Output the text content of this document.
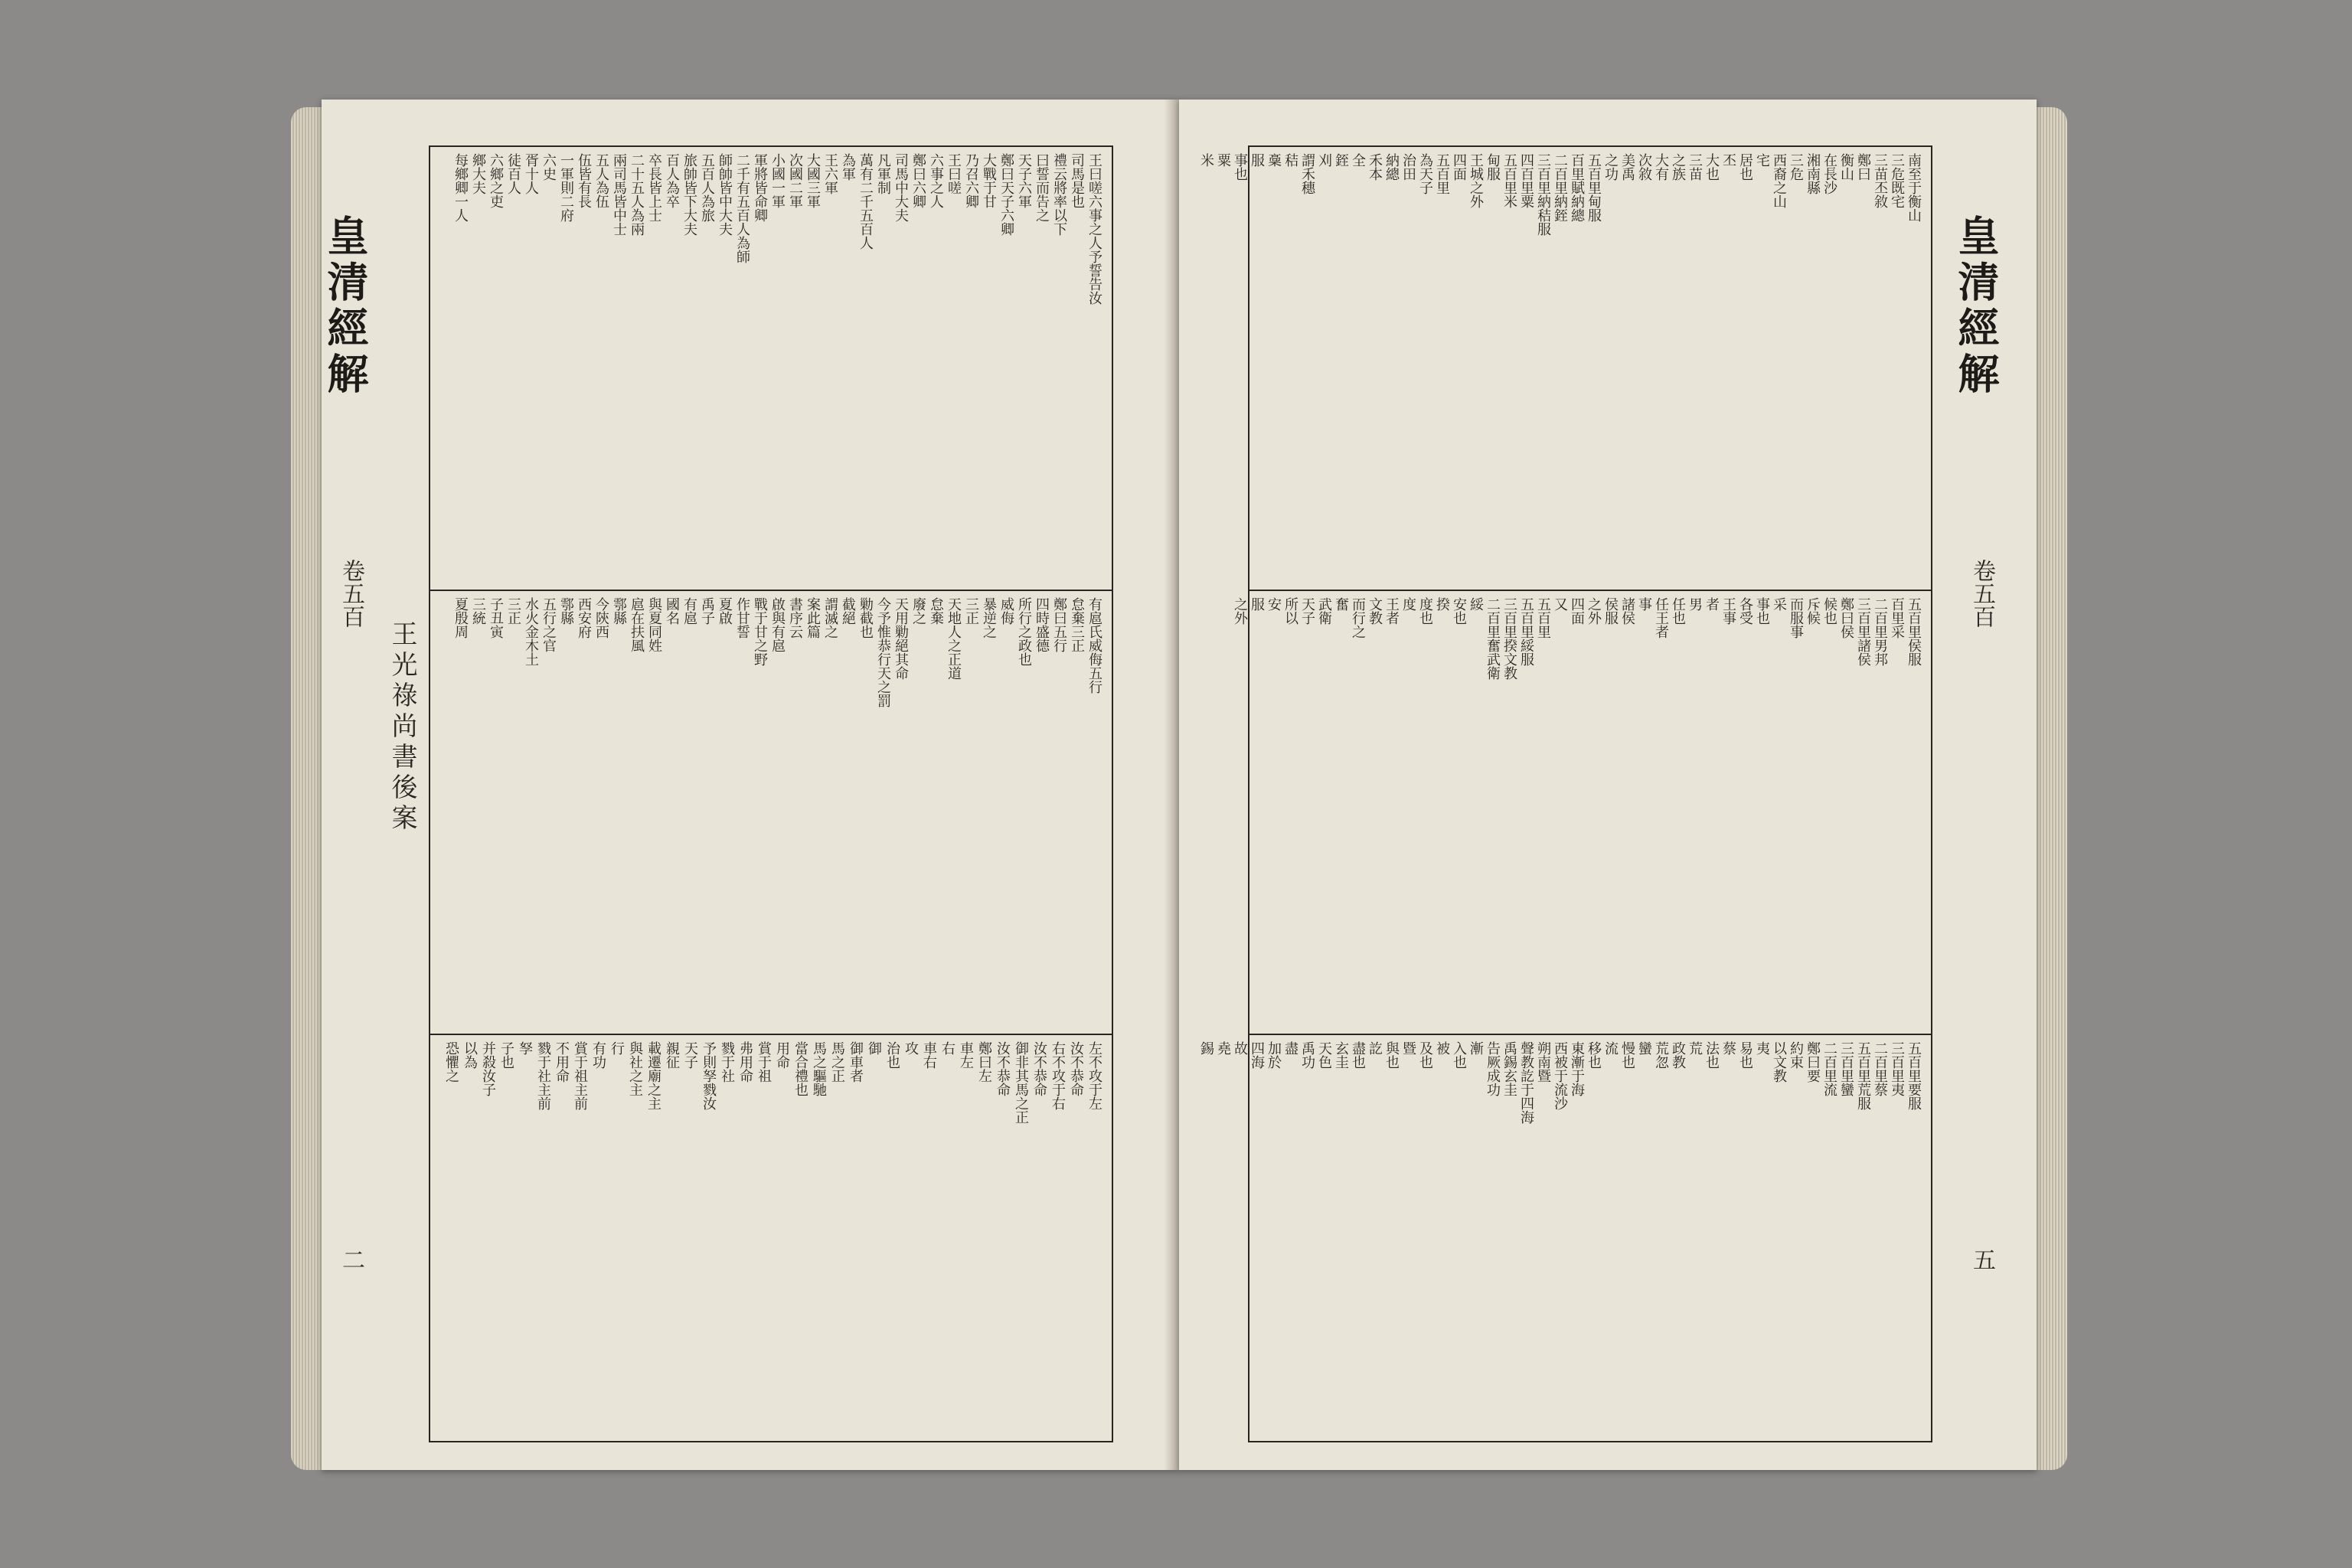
皇清經解
卷五百
二
王光祿尚書後案
王曰嗟六事之人予誓告汝
司馬是也
禮云將率以下
曰誓而告之
天子六軍
鄭曰天子六卿
大戰于甘
乃召六卿
王曰嗟
六事之人
鄭曰六卿
司馬中大夫
凡軍制
萬有二千五百人
為軍
王六軍
大國三軍
次國二軍
小國一軍
軍將皆命卿
二千有五百人為師
師帥皆中大夫
五百人為旅
旅帥皆下大夫
百人為卒
卒長皆上士
二十五人為兩
兩司馬皆中士
五人為伍
伍皆有長
一軍則二府
六史
胥十人
徒百人
六鄉之吏
鄉大夫
每鄉卿一人
有扈氏威侮五行
怠棄三正
鄭曰五行
四時盛德
所行之政也
威侮
暴逆之
三正
天地人之正道
怠棄
廢之
天用勦絕其命
今予惟恭行天之罰
勦截也
截絕
謂滅之
案此篇
書序云
啟與有扈
戰于甘之野
作甘誓
夏啟
禹子
有扈
國名
與夏同姓
扈在扶風
鄠縣
今陝西
西安府
鄠縣
五行之官
水火金木土
三正
子丑寅
三統
夏殷周
左不攻于左
汝不恭命
右不攻于右
汝不恭命
御非其馬之正
汝不恭命
鄭曰左
車左
右
車右
攻
治也
御
御車者
馬之正
馬之驅馳
當合禮也
用命
賞于祖
弗用命
戮于社
予則孥戮汝
天子
親征
載遷廟之主
與社之主
行
有功
賞于祖主前
不用命
戮于社主前
孥
子也
并殺汝子
以為
恐懼之
皇清經解
卷五百
五
南至于衡山
三危既宅
三苗丕敘
鄭曰
衡山
在長沙
湘南縣
三危
西裔之山
宅
居也
丕
大也
三苗
之族
大有
次敘
美禹
之功
五百里甸服
百里賦納總
二百里納銍
三百里納秸服
四百里粟
五百里米
甸服
王城之外
四面
五百里
為天子
治田
納總
禾本
全
銍
刈
謂禾穗
秸
稾
服
事也
粟
米
五百里侯服
百里采
二百里男邦
三百里諸侯
鄭曰侯
候也
斥候
而服事
采
事也
各受
王事
者
男
任也
任王者
事
諸侯
侯服
之外
四面
又
五百里
五百里綏服
三百里揆文教
二百里奮武衛
綏
安也
揆
度也
度
王者
文教
而行之
奮
武衛
天子
所以
安
服
之外
五百里要服
三百里夷
二百里蔡
五百里荒服
三百里蠻
二百里流
鄭曰要
約束
以文教
夷
易也
蔡
法也
荒
政教
荒忽
蠻
慢也
流
移也
東漸于海
西被于流沙
朔南暨
聲教訖于四海
禹錫玄圭
告厥成功
漸
入也
被
及也
暨
與也
訖
盡也
玄圭
天色
禹功
盡
加於
四海
故
堯
錫
